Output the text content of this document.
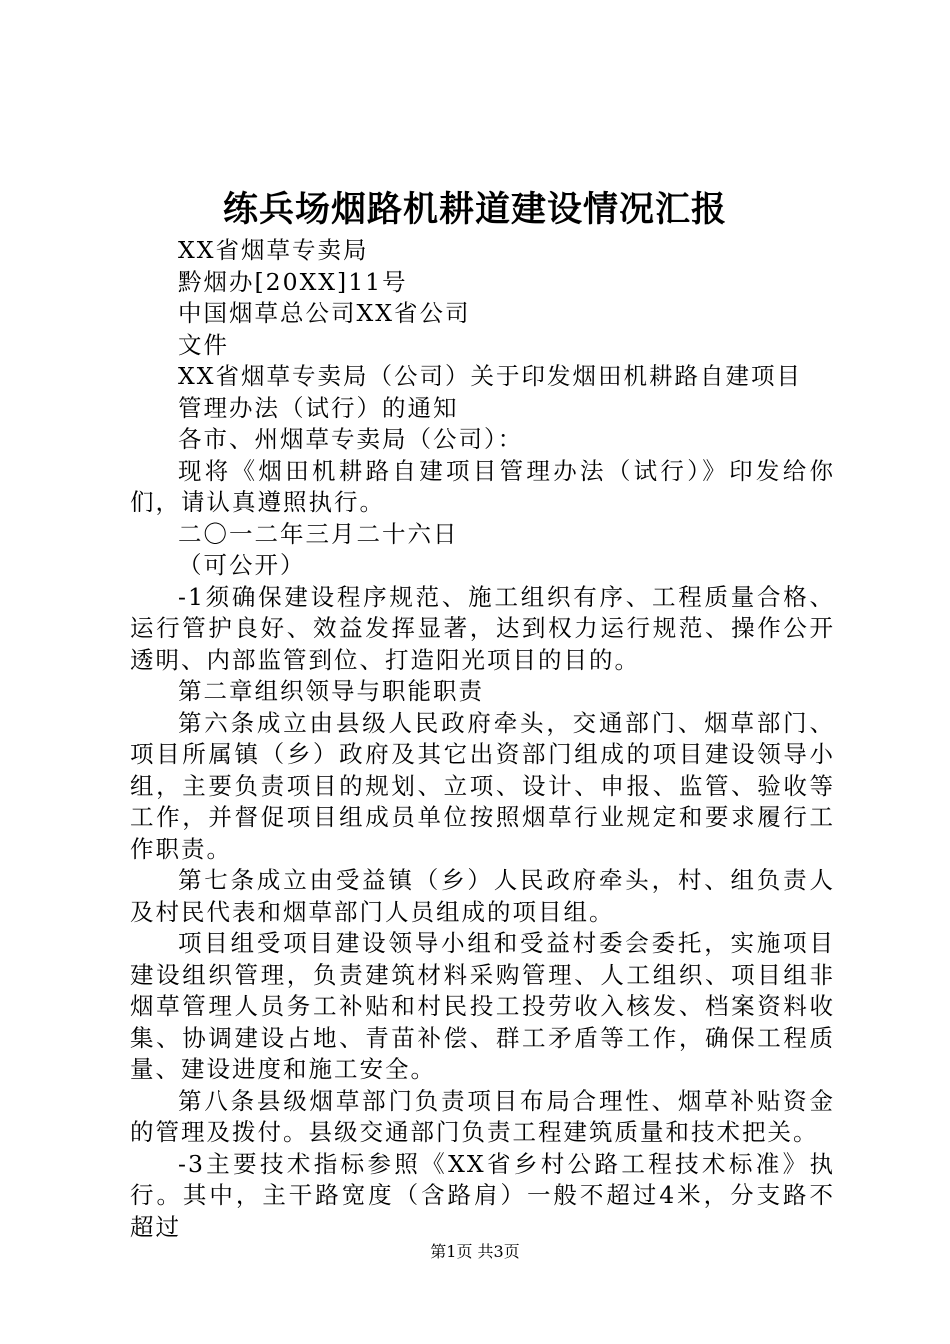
练兵场烟路机耕道建设情况汇报

XX省烟草专卖局

黔烟办[20XX]11号

中国烟草总公司XX省公司

文件

XX省烟草专卖局（公司）关于印发烟田机耕路自建项目

管理办法（试行）的通知

各市、州烟草专卖局（公司）：

现将《烟田机耕路自建项目管理办法（试行）》印发给你们，请认真遵照执行。

二〇一二年三月二十六日

（可公开）

-1须确保建设程序规范、施工组织有序、工程质量合格、运行管护良好、效益发挥显著，达到权力运行规范、操作公开透明、内部监管到位、打造阳光项目的目的。

第二章组织领导与职能职责

第六条成立由县级人民政府牵头，交通部门、烟草部门、项目所属镇（乡）政府及其它出资部门组成的项目建设领导小组，主要负责项目的规划、立项、设计、申报、监管、验收等工作，并督促项目组成员单位按照烟草行业规定和要求履行工作职责。

第七条成立由受益镇（乡）人民政府牵头，村、组负责人及村民代表和烟草部门人员组成的项目组。

项目组受项目建设领导小组和受益村委会委托，实施项目建设组织管理，负责建筑材料采购管理、人工组织、项目组非烟草管理人员务工补贴和村民投工投劳收入核发、档案资料收集、协调建设占地、青苗补偿、群工矛盾等工作，确保工程质量、建设进度和施工安全。

第八条县级烟草部门负责项目布局合理性、烟草补贴资金的管理及拨付。县级交通部门负责工程建筑质量和技术把关。

-3主要技术指标参照《XX省乡村公路工程技术标准》执行。其中，主干路宽度（含路肩）一般不超过4米，分支路不超过

第1页 共3页
